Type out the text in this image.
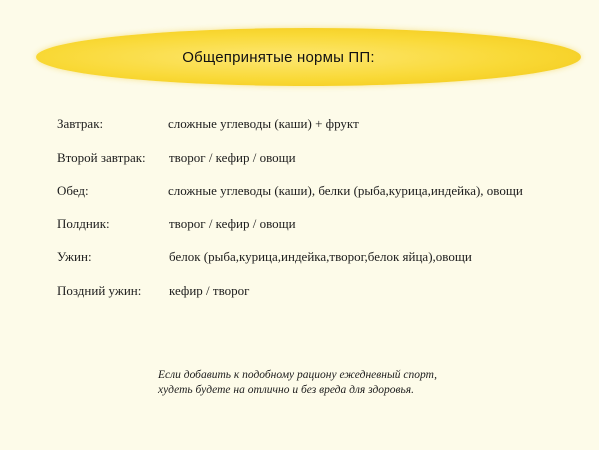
Общепринятые нормы ПП:
Завтрак:	сложные углеводы (каши) + фрукт
Второй завтрак: творог / кефир / овощи
Обед:	сложные углеводы (каши), белки (рыба,курица,индейка), овощи
Полдник:	творог / кефир / овощи
Ужин:	белок (рыба,курица,индейка,творог,белок яйца),овощи
Поздний ужин: кефир / творог
Если добавить к подобному рациону ежедневный спорт,
худеть будете на отлично и без вреда для здоровья.
